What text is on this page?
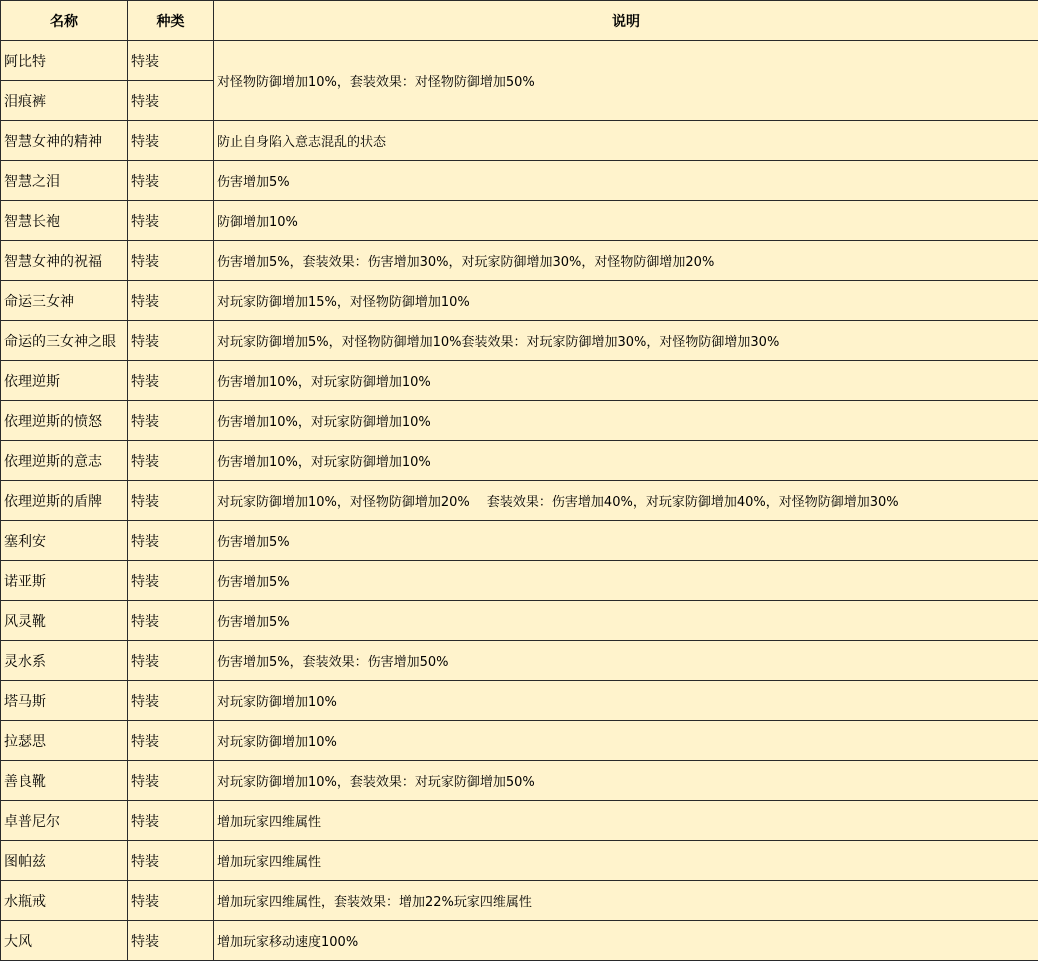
名称	种类	说明
阿比特	特装	对怪物防御增加10%，套装效果：对怪物防御增加50%
泪痕裤	特装	
智慧女神的精神	特装	防止自身陷入意志混乱的状态
智慧之泪	特装	伤害增加5%
智慧长袍	特装	防御增加10%
智慧女神的祝福	特装	伤害增加5%，套装效果：伤害增加30%，对玩家防御增加30%，对怪物防御增加20%
命运三女神	特装	对玩家防御增加15%，对怪物防御增加10%
命运的三女神之眼	特装	对玩家防御增加5%，对怪物防御增加10%套装效果：对玩家防御增加30%，对怪物防御增加30%
依理逆斯	特装	伤害增加10%，对玩家防御增加10%
依理逆斯的愤怒	特装	伤害增加10%，对玩家防御增加10%
依理逆斯的意志	特装	伤害增加10%，对玩家防御增加10%
依理逆斯的盾牌	特装	对玩家防御增加10%，对怪物防御增加20%　 套装效果：伤害增加40%，对玩家防御增加40%，对怪物防御增加30%
塞利安	特装	伤害增加5%
诺亚斯	特装	伤害增加5%
风灵靴	特装	伤害增加5%
灵水系	特装	伤害增加5%，套装效果：伤害增加50%
塔马斯	特装	对玩家防御增加10%
拉瑟思	特装	对玩家防御增加10%
善良靴	特装	对玩家防御增加10%，套装效果：对玩家防御增加50%
卓普尼尔	特装	增加玩家四维属性
图帕兹	特装	增加玩家四维属性
水瓶戒	特装	增加玩家四维属性，套装效果：增加22%玩家四维属性
大风	特装	增加玩家移动速度100%
